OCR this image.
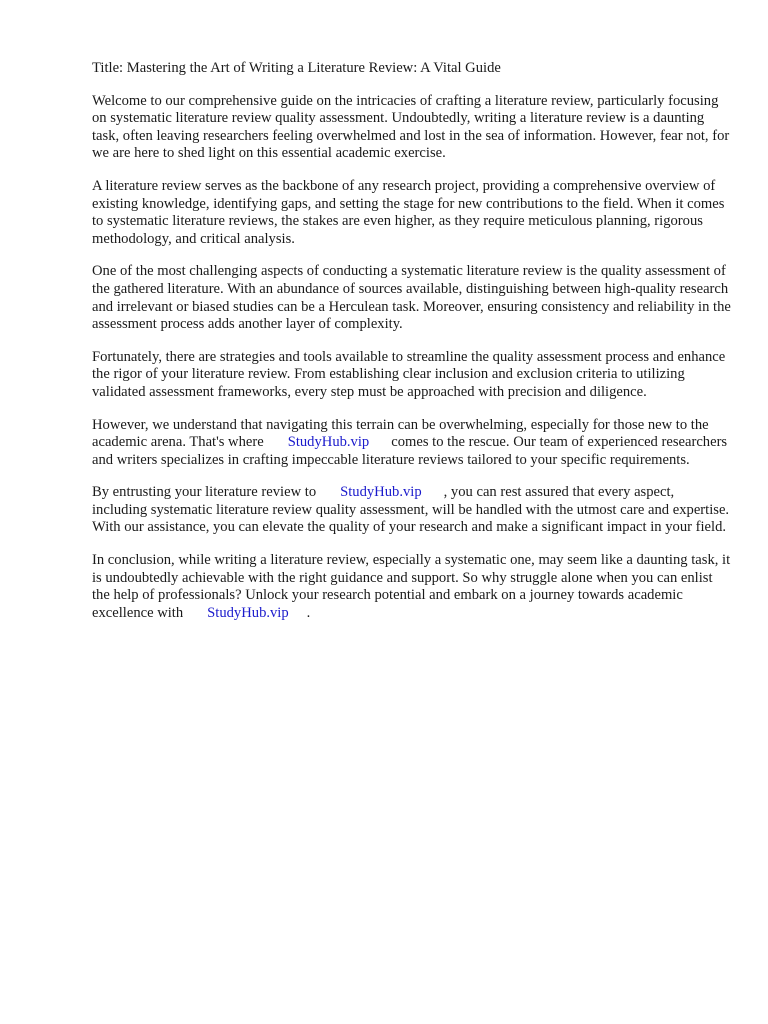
Title: Mastering the Art of Writing a Literature Review: A Vital Guide

Welcome to our comprehensive guide on the intricacies of crafting a literature review, particularly focusing on systematic literature review quality assessment. Undoubtedly, writing a literature review is a daunting task, often leaving researchers feeling overwhelmed and lost in the sea of information. However, fear not, for we are here to shed light on this essential academic exercise.

A literature review serves as the backbone of any research project, providing a comprehensive overview of existing knowledge, identifying gaps, and setting the stage for new contributions to the field. When it comes to systematic literature reviews, the stakes are even higher, as they require meticulous planning, rigorous methodology, and critical analysis.

One of the most challenging aspects of conducting a systematic literature review is the quality assessment of the gathered literature. With an abundance of sources available, distinguishing between high-quality research and irrelevant or biased studies can be a Herculean task. Moreover, ensuring consistency and reliability in the assessment process adds another layer of complexity.

Fortunately, there are strategies and tools available to streamline the quality assessment process and enhance the rigor of your literature review. From establishing clear inclusion and exclusion criteria to utilizing validated assessment frameworks, every step must be approached with precision and diligence.

However, we understand that navigating this terrain can be overwhelming, especially for those new to the academic arena. That's where StudyHub.vip comes to the rescue. Our team of experienced researchers and writers specializes in crafting impeccable literature reviews tailored to your specific requirements.

By entrusting your literature review to StudyHub.vip , you can rest assured that every aspect, including systematic literature review quality assessment, will be handled with the utmost care and expertise. With our assistance, you can elevate the quality of your research and make a significant impact in your field.

In conclusion, while writing a literature review, especially a systematic one, may seem like a daunting task, it is undoubtedly achievable with the right guidance and support. So why struggle alone when you can enlist the help of professionals? Unlock your research potential and embark on a journey towards academic excellence with StudyHub.vip .
